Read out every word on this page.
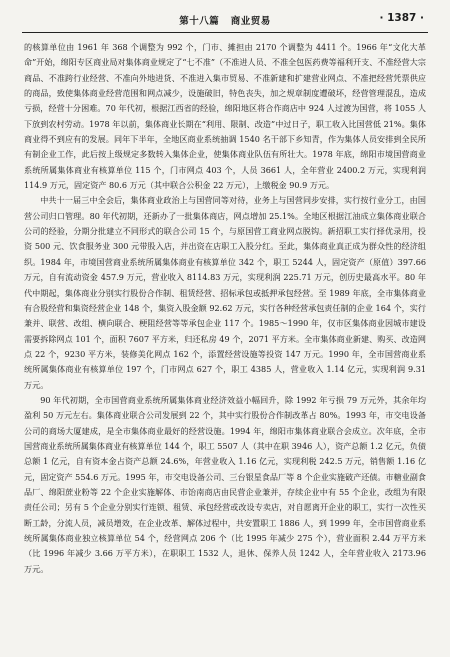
第十八篇 商业贸易	· 1387 ·

的核算单位由 1961 年 368 个调整为 992 个，门市、摊担由 2170 个调整为 4411 个。1966 年“文化大革命”开始，绵阳专区商业局对集体商业规定了“七不准”（不准进人员、不准全包医药费等福利开支、不准经营大宗商品、不准跨行业经营、不准向外地进货、不准进入集市贸易、不准新建和扩建营业网点、不准把经营凭票供应的商品，致使集体商业经营范围和网点减少，设施破旧，特色丧失，加之规章制度遭破坏，经营管理混乱，造成亏损，经营十分困难。70 年代初，根据江西省的经验，绵阳地区将合作商店中 924 人过渡为国营，将 1055 人下放到农村劳动。1978 年以前，集体商业长期在“利用、限制、改造”中过日子，职工收入比国营低 21%。集体商业得不到应有的发展。同年下半年，全地区商业系统抽调 1540 名干部下乡知青，作为集体人员安排到全民所有制企业工作，此后按上级规定多数转入集体企业，使集体商业队伍有所壮大。1978 年底，绵阳市境国营商业系统所属集体商业有核算单位 115 个，门市网点 403 个，人员 3661 人，全年营业 2400.2 万元，实现利润 114.9 万元，固定资产 80.6 万元（其中联合公积金 22 万元），上缴税金 90.9 万元。

中共十一届三中全会后，集体商业政治上与国营同等对待，业务上与国营同步安排，实行按行业分工，由国营公司归口管理。80 年代初期，还新办了一批集体商店，网点增加 25.1%。全地区根据江油成立集体商业联合公司的经验，分期分批建立不同形式的联合公司 15 个，与原国营工商业网点脱钩。新招职工实行择优录用，投资 500 元、饮食服务业 300 元带股入店，并出资在店职工入股分红。至此，集体商业真正成为群众性的经济组织。1984 年，市境国营商业系统所属集体商业有核算单位 342 个，职工 5244 人，固定资产（原值）397.66 万元，自有流动资金 457.9 万元，营业收入 8114.83 万元，实现利润 225.71 万元，创历史最高水平。80 年代中期起，集体商业分别实行股份合作制、租赁经营、招标承包或抵押承包经营。至 1989 年底，全市集体商业有合股经营和集资经营企业 148 个，集资入股金额 92.62 万元，实行各种经营承包责任制的企业 164 个，实行兼并、联营、改组、横向联合、梗阻经营等等承包企业 117 个。1985～1990 年，仅市区集体商业因城市建设需要拆除网点 101 个，面积 7607 平方米，归还私房 49 个，2071 平方米。全市集体商业新建、购买、改造网点 22 个，9230 平方米，装修美化网点 162 个，添置经营设施等投资 147 万元。1990 年，全市国营商业系统所属集体商业有核算单位 197 个，门市网点 627 个，职工 4385 人，营业收入 1.14 亿元，实现利润 9.31 万元。

90 年代初期，全市国营商业系统所属集体商业经济效益小幅回升，除 1992 年亏损 79 万元外，其余年均盈利 50 万元左右。集体商业联合公司发展到 22 个，其中实行股份合作制改革占 80%。1993 年，市交电设备公司的商场大厦建成，是全市集体商业最好的经营设施。1994 年，绵阳市集体商业联合会成立。次年底，全市国营商业系统所属集体商业有核算单位 144 个，职工 5507 人（其中在职 3946 人），资产总额 1.2 亿元，负债总额 1 亿元，自有资本金占资产总额 24.6%，年营业收入 1.16 亿元，实现利税 242.5 万元，销售额 1.16 亿元，固定资产 554.6 万元。1995 年，市交电设备公司、三台银星食品厂等 8 个企业实施破产还债。市糖业副食品厂、绵阳蔗业粉等 22 个企业实施解体、市饴南商店由民营企业兼并，存续企业中有 55 个企业，改组为有限责任公司；另有 5 个企业分别实行连锁、租赁、承包经营或改设专卖店，对自愿离开企业的职工，实行一次性买断工龄，分流人员，减员增效，在企业改革、解体过程中，共安置职工 1886 人，到 1999 年，全市国营商业系统所属集体商业独立核算单位 54 个，经营网点 206 个（比 1995 年减少 275 个），营业面积 2.44 万平方米（比 1996 年减少 3.66 万平方米），在职职工 1532 人，退休、保养人员 1242 人，全年营业收入 2173.96 万元。
